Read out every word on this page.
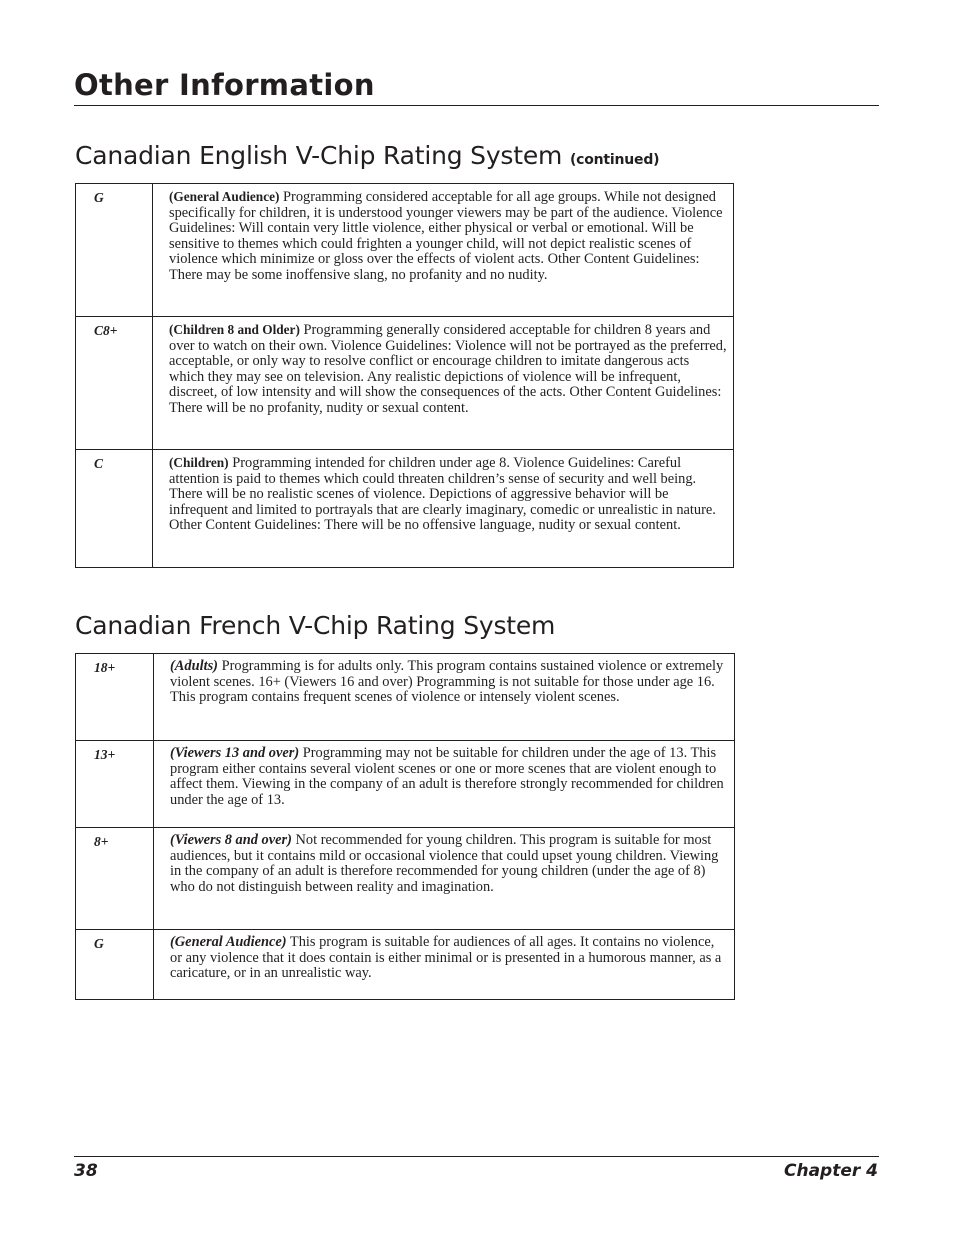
Other Information
Canadian English V-Chip Rating System (continued)
G	(General Audience) Programming considered acceptable for all age groups. While not designed specifically for children, it is understood younger viewers may be part of the audience. Violence Guidelines: Will contain very little violence, either physical or verbal or emotional. Will be sensitive to themes which could frighten a younger child, will not depict realistic scenes of violence which minimize or gloss over the effects of violent acts. Other Content Guidelines: There may be some inoffensive slang, no profanity and no nudity.
C8+	(Children 8 and Older) Programming generally considered acceptable for children 8 years and over to watch on their own. Violence Guidelines: Violence will not be portrayed as the preferred, acceptable, or only way to resolve conflict or encourage children to imitate dangerous acts which they may see on television. Any realistic depictions of violence will be infrequent, discreet, of low intensity and will show the consequences of the acts. Other Content Guidelines: There will be no profanity, nudity or sexual content.
C	(Children) Programming intended for children under age 8. Violence Guidelines: Careful attention is paid to themes which could threaten children’s sense of security and well being. There will be no realistic scenes of violence. Depictions of aggressive behavior will be infrequent and limited to portrayals that are clearly imaginary, comedic or unrealistic in nature. Other Content Guidelines: There will be no offensive language, nudity or sexual content.
Canadian French V-Chip Rating System
18+	(Adults) Programming is for adults only. This program contains sustained violence or extremely violent scenes. 16+ (Viewers 16 and over) Programming is not suitable for those under age 16. This program contains frequent scenes of violence or intensely violent scenes.
13+	(Viewers 13 and over) Programming may not be suitable for children under the age of 13. This program either contains several violent scenes or one or more scenes that are violent enough to affect them. Viewing in the company of an adult is therefore strongly recommended for children under the age of 13.
8+	(Viewers 8 and over) Not recommended for young children. This program is suitable for most audiences, but it contains mild or occasional violence that could upset young children. Viewing in the company of an adult is therefore recommended for young children (under the age of 8) who do not distinguish between reality and imagination.
G	(General Audience) This program is suitable for audiences of all ages. It contains no violence, or any violence that it does contain is either minimal or is presented in a humorous manner, as a caricature, or in an unrealistic way.
38	Chapter 4
